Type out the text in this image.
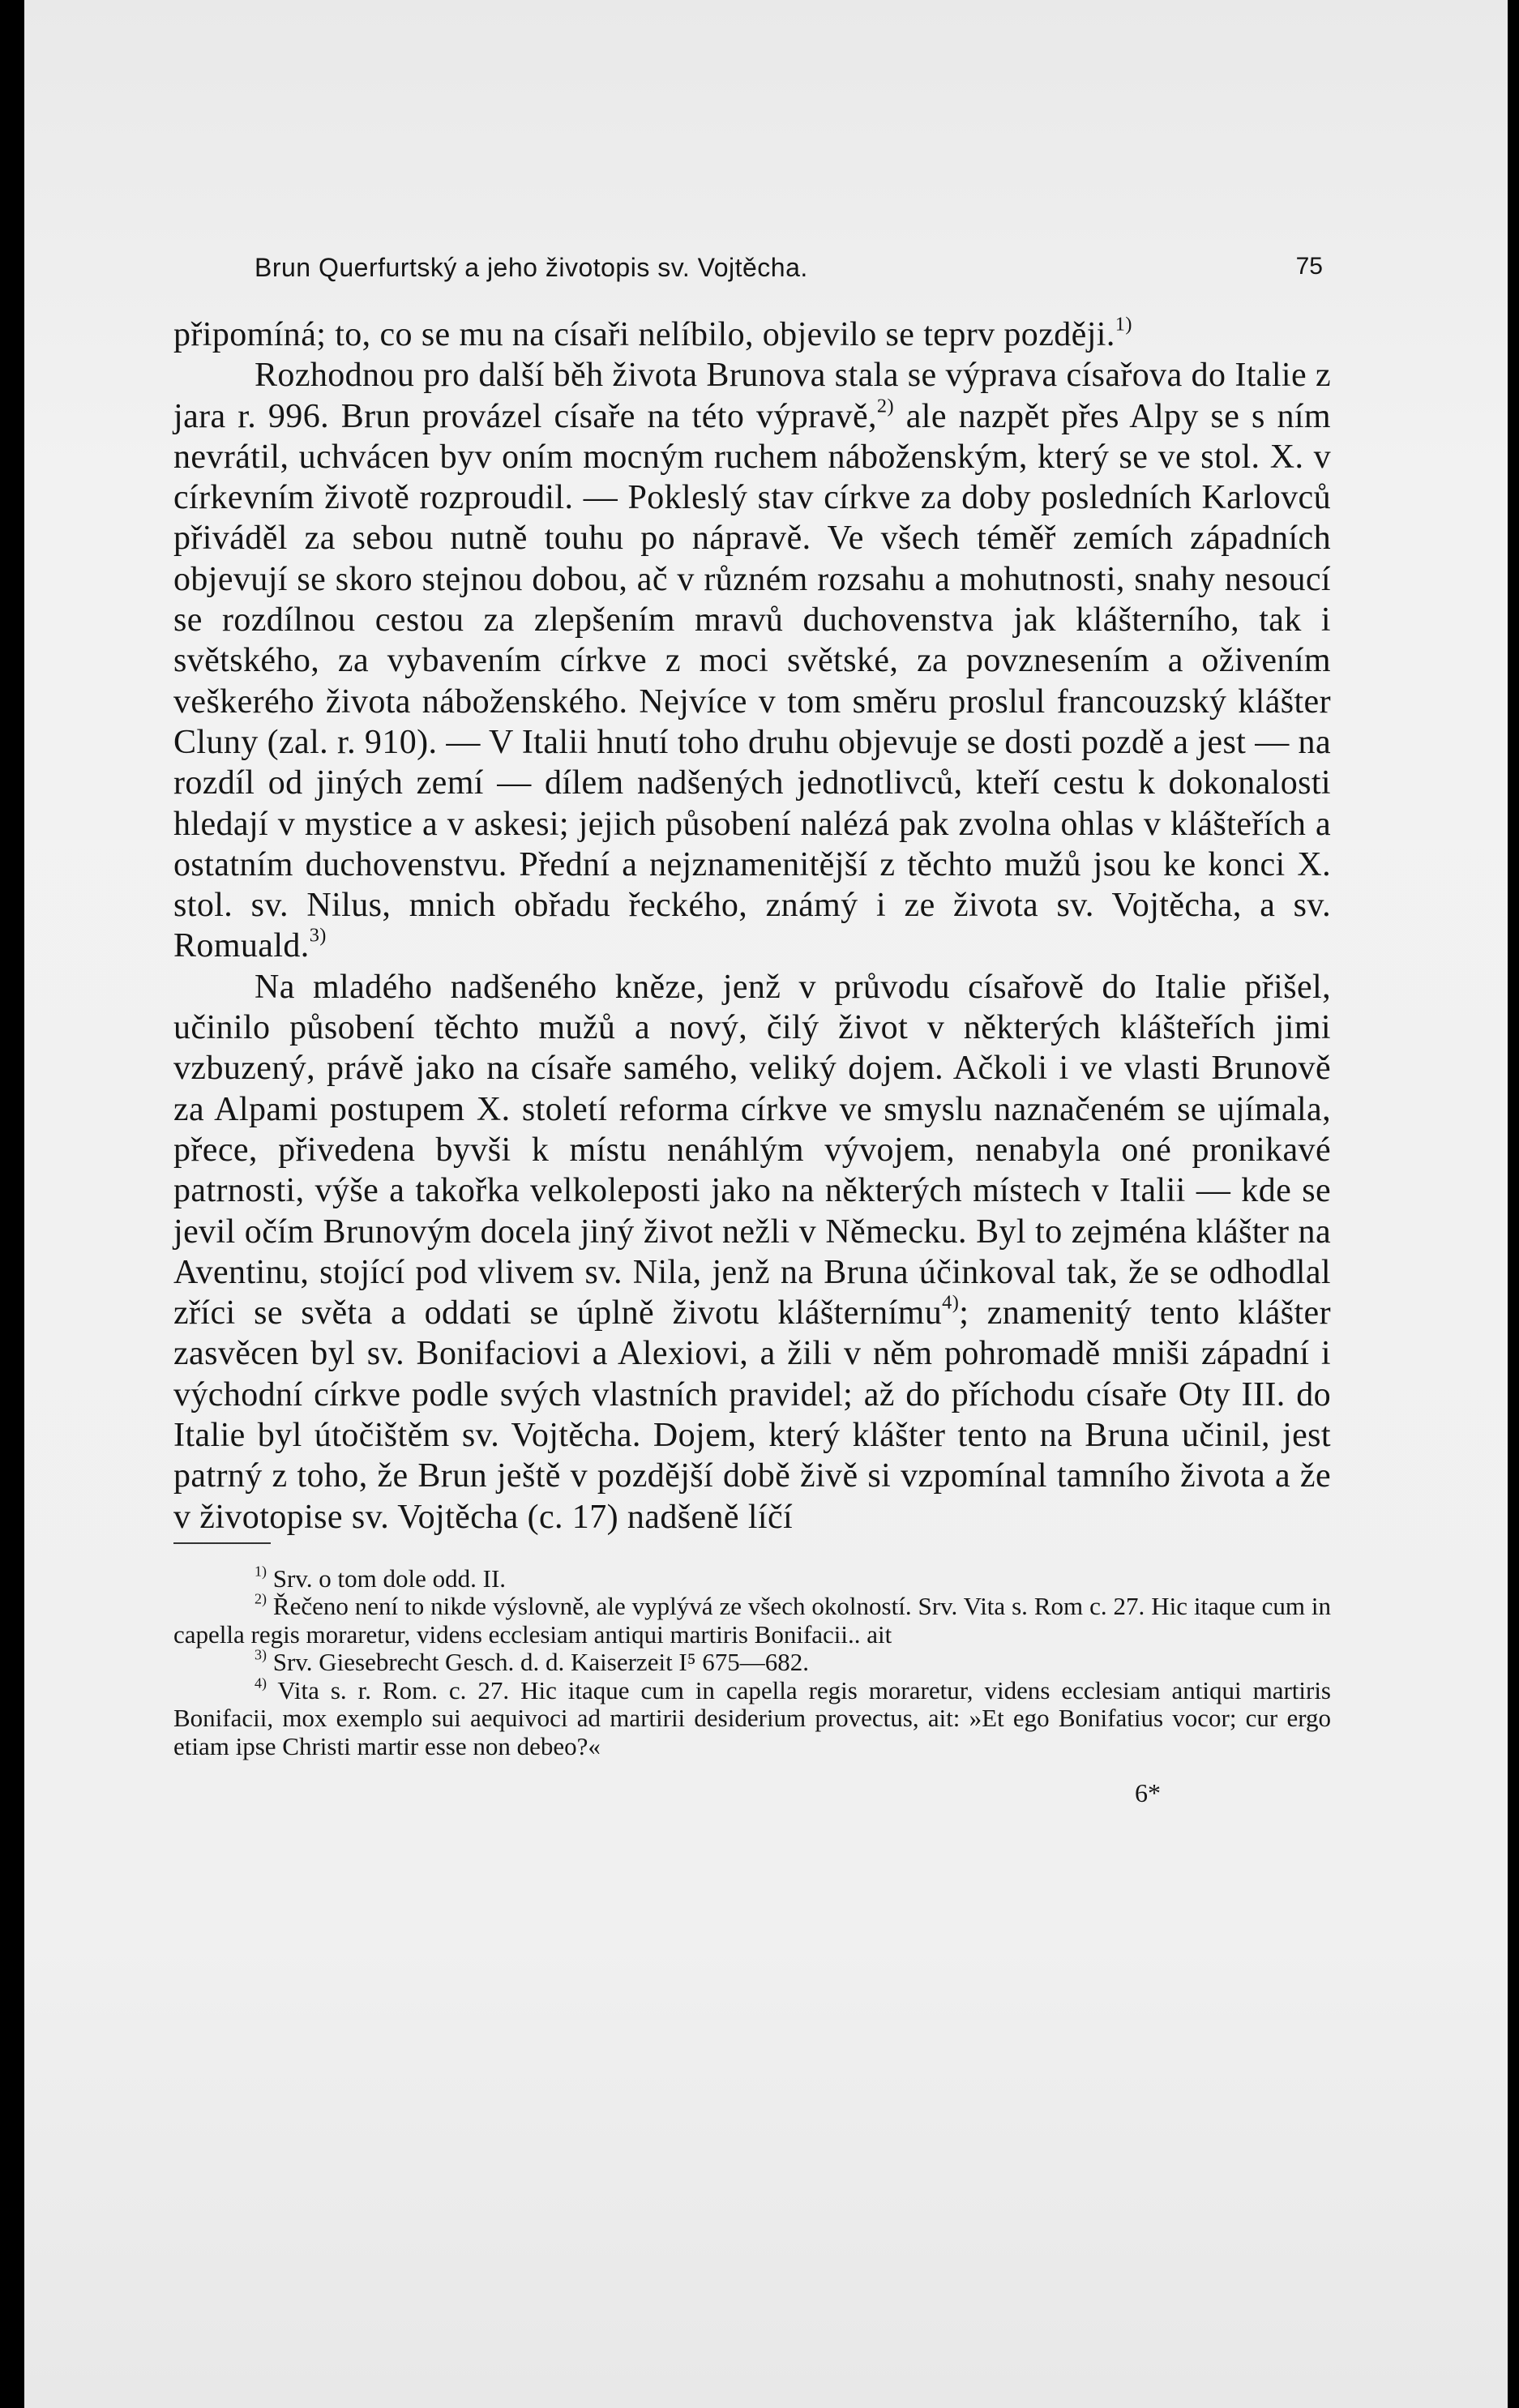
Brun Querfurtský a jeho životopis sv. Vojtěcha.	75

připomíná; to, co se mu na císaři nelíbilo, objevilo se teprv později.$^{1)}$

Rozhodnou pro další běh života Brunova stala se výprava císařova do Italie z jara r. 996. Brun provázel císaře na této výpravě,$^{2)}$ ale nazpět přes Alpy se s ním nevrátil, uchvácen byv oním mocným ruchem náboženským, který se ve stol. X. v církevním životě rozproudil. — Pokleslý stav církve za doby posledních Karlovců přiváděl za sebou nutně touhu po nápravě. Ve všech téměř zemích západních objevují se skoro stejnou dobou, ač v různém rozsahu a mohutnosti, snahy nesoucí se rozdílnou cestou za zlepšením mravů duchovenstva jak klášterního, tak i světského, za vybavením církve z moci světské, za povznesením a oživením veškerého života náboženského. Nejvíce v tom směru proslul francouzský klášter Cluny (zal. r. 910). — V Italii hnutí toho druhu objevuje se dosti pozdě a jest — na rozdíl od jiných zemí — dílem nadšených jednotlivců, kteří cestu k dokonalosti hledají v mystice a v askesi; jejich působení nalézá pak zvolna ohlas v klášteřích a ostatním duchovenstvu. Přední a nejznamenitější z těchto mužů jsou ke konci X. stol. sv. Nilus, mnich obřadu řeckého, známý i ze života sv. Vojtěcha, a sv. Romuald.$^{3)}$

Na mladého nadšeného kněze, jenž v průvodu císařově do Italie přišel, učinilo působení těchto mužů a nový, čilý život v některých klášteřích jimi vzbuzený, právě jako na císaře samého, veliký dojem. Ačkoli i ve vlasti Brunově za Alpami postupem X. století reforma církve ve smyslu naznačeném se ujímala, přece, přivedena byvši k místu nenáhlým vývojem, nenabyla oné pronikavé patrnosti, výše a takořka velkoleposti jako na některých místech v Italii — kde se jevil očím Brunovým docela jiný život nežli v Německu. Byl to zejména klášter na Aventinu, stojící pod vlivem sv. Nila, jenž na Bruna účinkoval tak, že se odhodlal zříci se světa a oddati se úplně životu klášternímu$^{4)}$; znamenitý tento klášter zasvěcen byl sv. Bonifaciovi a Alexiovi, a žili v něm pohromadě mniši západní i východní církve podle svých vlastních pravidel; až do příchodu císaře Oty III. do Italie byl útočištěm sv. Vojtěcha. Dojem, který klášter tento na Bruna učinil, jest patrný z toho, že Brun ještě v pozdější době živě si vzpomínal tamního života a že v životopise sv. Vojtěcha (c. 17) nadšeně líčí

$^{1)}$ Srv. o tom dole odd. II.

$^{2)}$ Řečeno není to nikde výslovně, ale vyplývá ze všech okolností. Srv. Vita s. Rom c. 27. Hic itaque cum in capella regis moraretur, videns ecclesiam antiqui martiris Bonifacii.. ait

$^{3)}$ Srv. Giesebrecht Gesch. d. d. Kaiserzeit I⁵ 675—682.

$^{4)}$ Vita s. r. Rom. c. 27. Hic itaque cum in capella regis moraretur, videns ecclesiam antiqui martiris Bonifacii, mox exemplo sui aequivoci ad martirii desiderium provectus, ait: »Et ego Bonifatius vocor; cur ergo etiam ipse Christi martir esse non debeo?«

6*
